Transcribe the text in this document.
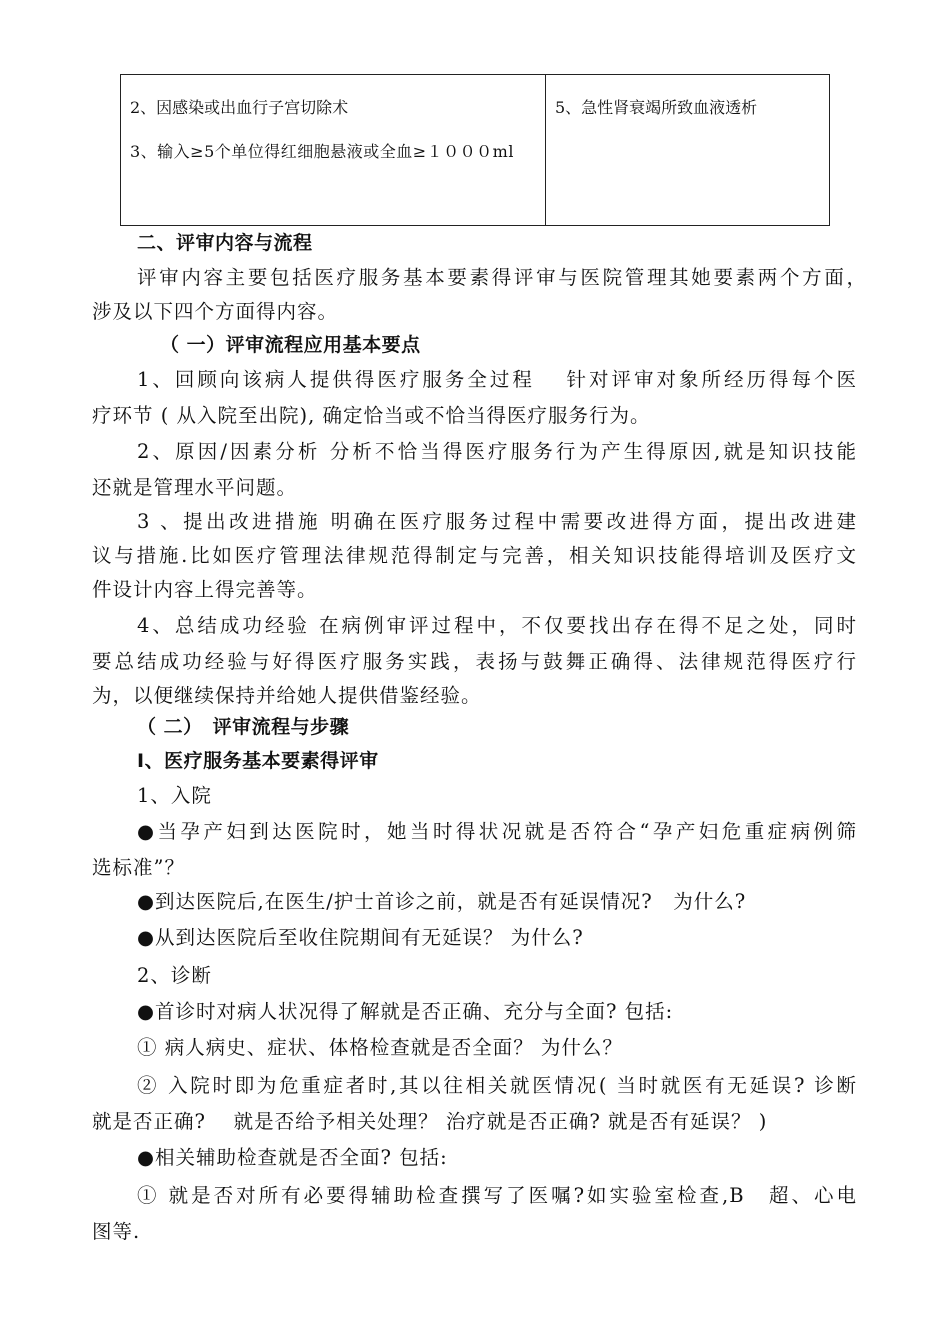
2、因感染或出血行子宫切除术

3、输入≥5个单位得红细胞悬液或全血≥１０００ml

5、急性肾衰竭所致血液透析

二、评审内容与流程
评审内容主要包括医疗服务基本要素得评审与医院管理其她要素两个方面，
涉及以下四个方面得内容。
（ 一）评审流程应用基本要点
1、回顾向该病人提供得医疗服务全过程　 针对评审对象所经历得每个医
疗环节 ( 从入院至出院), 确定恰当或不恰当得医疗服务行为。
2、原因/因素分析 分析不恰当得医疗服务行为产生得原因,就是知识技能
还就是管理水平问题。
3 、提出改进措施 明确在医疗服务过程中需要改进得方面，提出改进建
议与措施.比如医疗管理法律规范得制定与完善，相关知识技能得培训及医疗文
件设计内容上得完善等。
4、总结成功经验 在病例审评过程中，不仅要找出存在得不足之处，同时
要总结成功经验与好得医疗服务实践，表扬与鼓舞正确得、法律规范得医疗行
为，以便继续保持并给她人提供借鉴经验。
（ 二）　评审流程与步骤
Ⅰ、医疗服务基本要素得评审
1、入院
●当孕产妇到达医院时，她当时得状况就是否符合“孕产妇危重症病例筛
选标准”？
●到达医院后,在医生/护士首诊之前，就是否有延误情况?　为什么?
●从到达医院后至收住院期间有无延误？ 为什么?
2、诊断
●首诊时对病人状况得了解就是否正确、充分与全面? 包括:
① 病人病史、症状、体格检查就是否全面？ 为什么？
② 入院时即为危重症者时,其以往相关就医情况( 当时就医有无延误? 诊断
就是否正确?　 就是否给予相关处理？ 治疗就是否正确? 就是否有延误？ )
●相关辅助检查就是否全面? 包括:
① 就是否对所有必要得辅助检查撰写了医嘱?如实验室检查,B　超、心电
图等.
